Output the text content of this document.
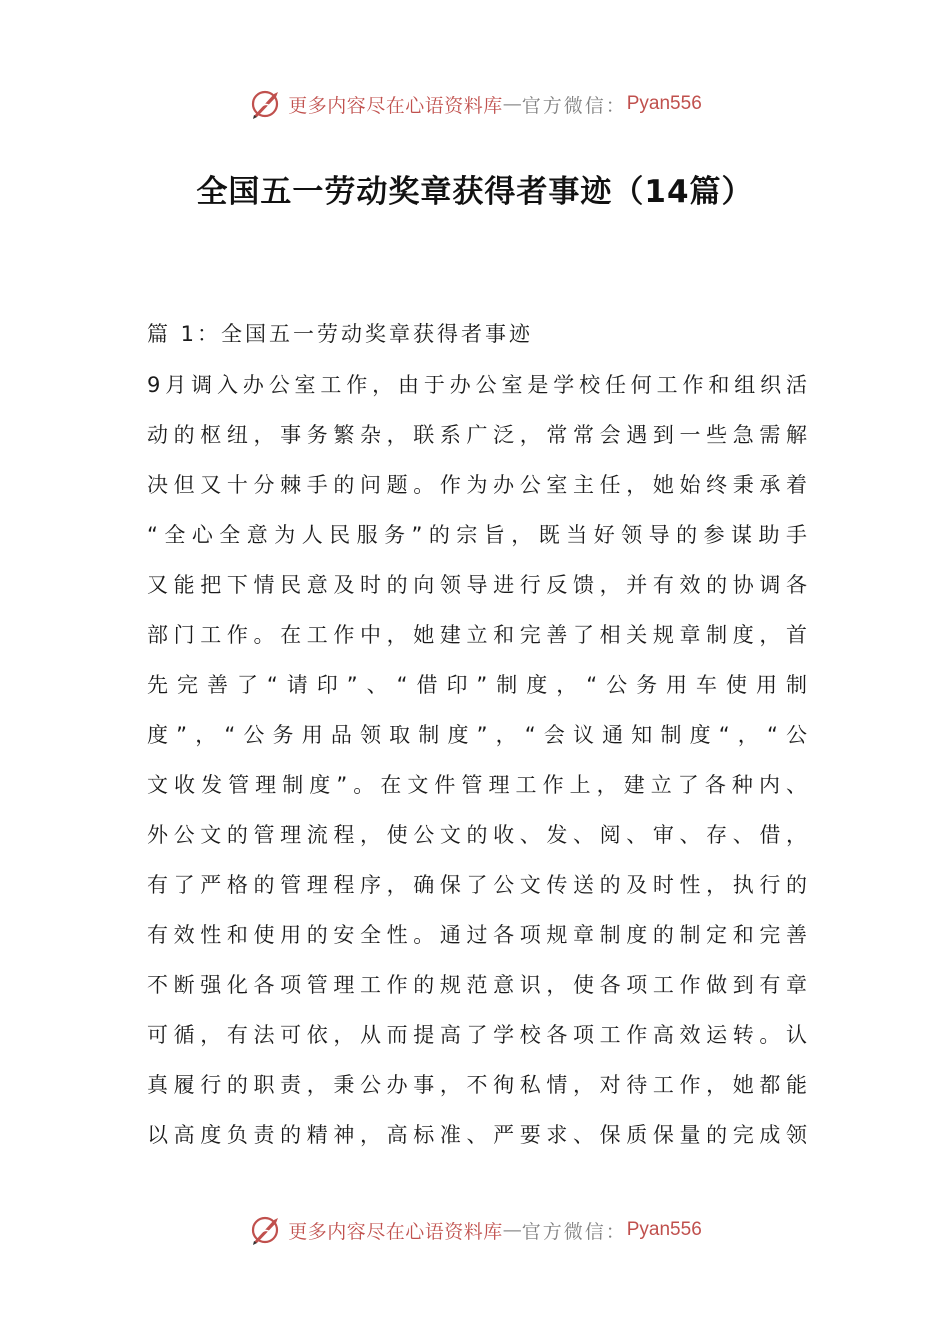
更多内容尽在心语资料库 — 官方微信： Pyan556
全国五一劳动奖章获得者事迹（14篇）
篇 1：全国五一劳动奖章获得者事迹
9月调入办公室工作，由于办公室是学校任何工作和组织活
动的枢纽，事务繁杂，联系广泛，常常会遇到一些急需解
决但又十分棘手的问题。作为办公室主任，她始终秉承着
“全心全意为人民服务”的宗旨，既当好领导的参谋助手
又能把下情民意及时的向领导进行反馈，并有效的协调各
部门工作。在工作中，她建立和完善了相关规章制度，首
先完善了“请印”、“借印”制度，“公务用车使用制
度”，“公务用品领取制度”，“会议通知制度“，“公
文收发管理制度”。在文件管理工作上，建立了各种内、
外公文的管理流程，使公文的收、发、阅、审、存、借，
有了严格的管理程序，确保了公文传送的及时性，执行的
有效性和使用的安全性。通过各项规章制度的制定和完善
不断强化各项管理工作的规范意识，使各项工作做到有章
可循，有法可依，从而提高了学校各项工作高效运转。认
真履行的职责，秉公办事，不徇私情，对待工作，她都能
以高度负责的精神，高标准、严要求、保质保量的完成领
更多内容尽在心语资料库 — 官方微信： Pyan556
